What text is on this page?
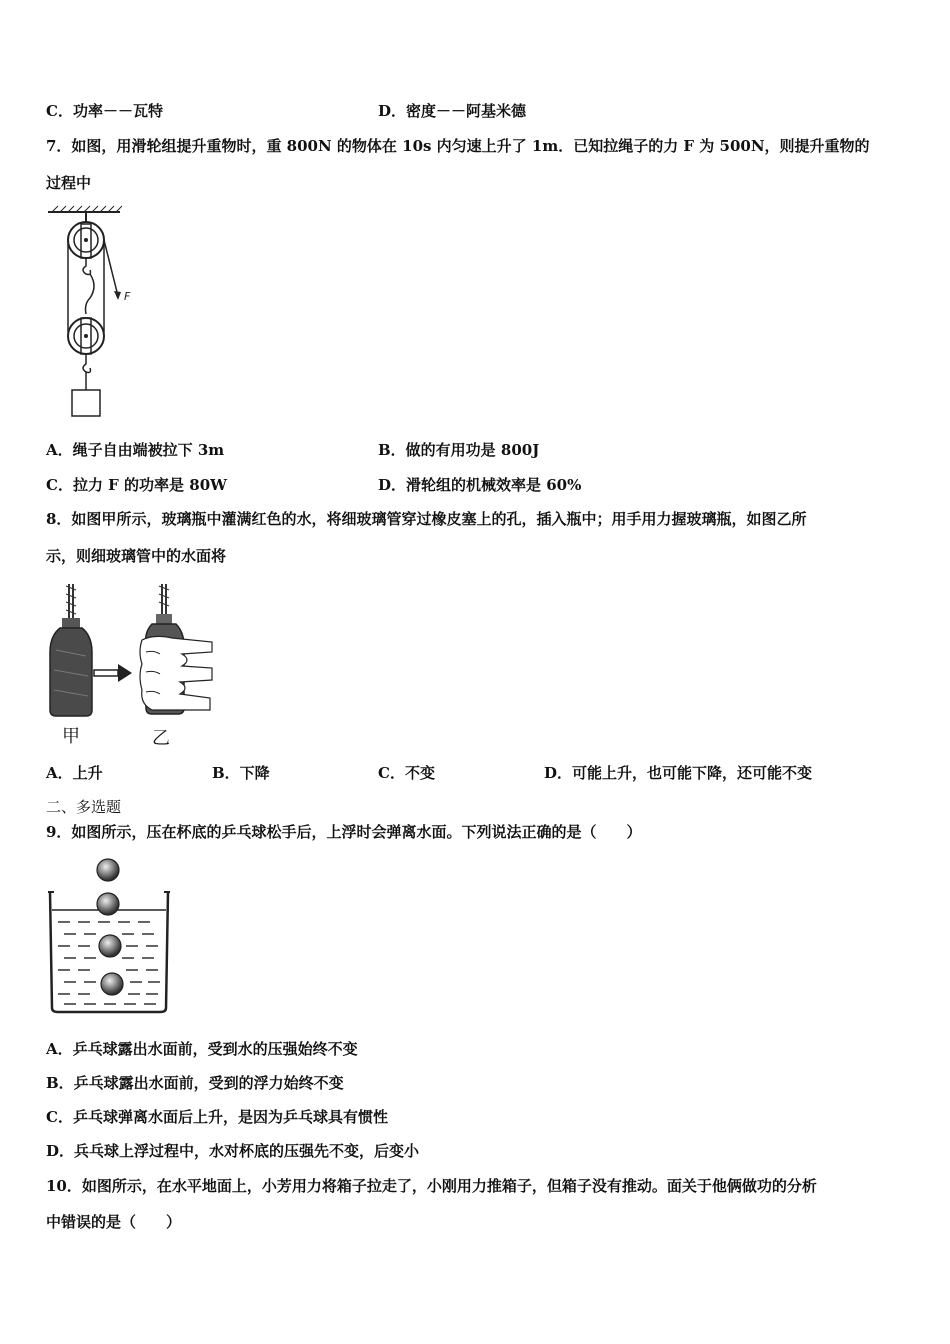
C．功率－－瓦特	D．密度－－阿基米德
7．如图，用滑轮组提升重物时，重 800N 的物体在 10s 内匀速上升了 1m．已知拉绳子的力 F 为 500N，则提升重物的
过程中
F
A．绳子自由端被拉下 3m	B．做的有用功是 800J
C．拉力 F 的功率是 80W	D．滑轮组的机械效率是 60%
8．如图甲所示，玻璃瓶中灌满红色的水，将细玻璃管穿过橡皮塞上的孔，插入瓶中；用手用力握玻璃瓶，如图乙所
示，则细玻璃管中的水面将
甲	乙
A．上升	B．下降	C．不变	D．可能上升，也可能下降，还可能不变
二、多选题
9．如图所示，压在杯底的乒乓球松手后，上浮时会弹离水面。下列说法正确的是（　　）
A．乒乓球露出水面前，受到水的压强始终不变
B．乒乓球露出水面前，受到的浮力始终不变
C．乒乓球弹离水面后上升，是因为乒乓球具有惯性
D．兵乓球上浮过程中，水对杯底的压强先不变，后变小
10．如图所示，在水平地面上，小芳用力将箱子拉走了，小刚用力推箱子，但箱子没有推动。面关于他俩做功的分析
中错误的是（　　）
